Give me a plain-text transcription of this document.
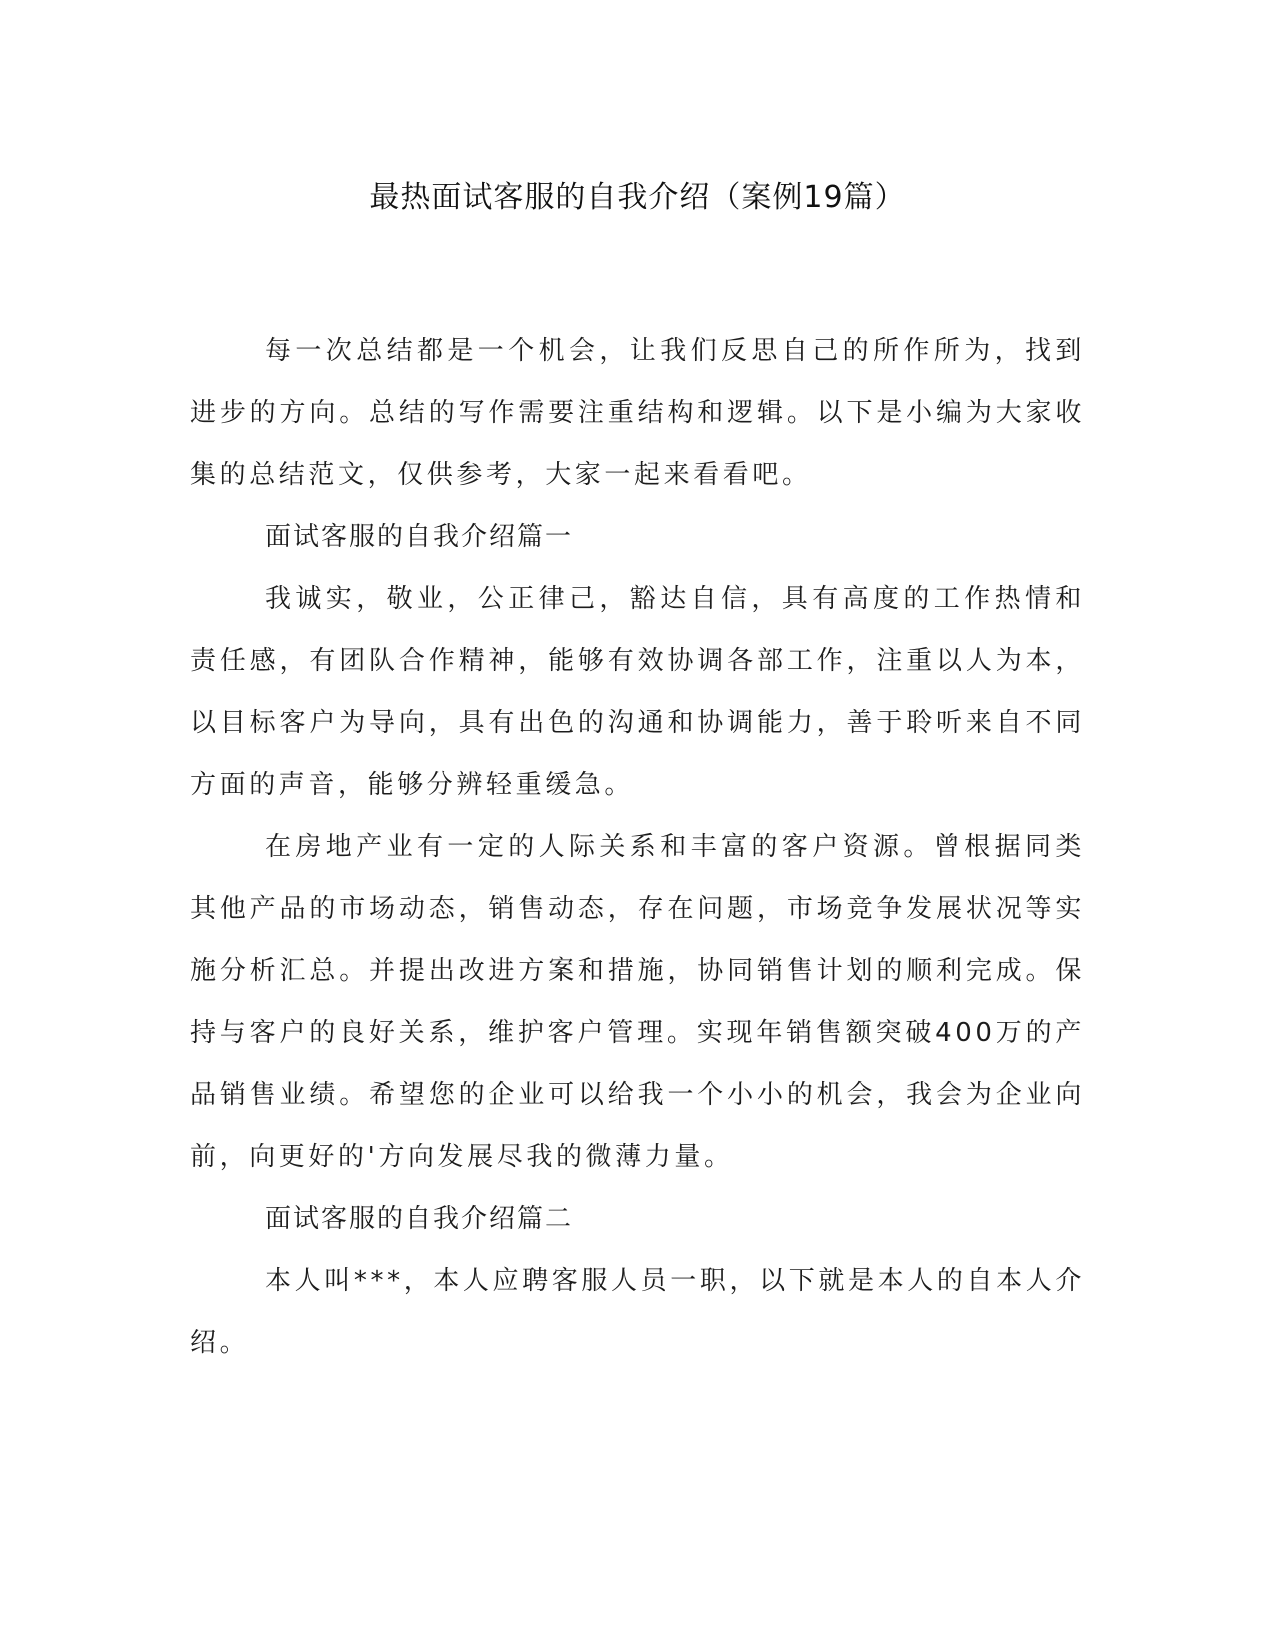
最热面试客服的自我介绍（案例19篇）

每一次总结都是一个机会，让我们反思自己的所作所为，找到进步的方向。总结的写作需要注重结构和逻辑。以下是小编为大家收集的总结范文，仅供参考，大家一起来看看吧。

面试客服的自我介绍篇一

我诚实，敬业，公正律己，豁达自信，具有高度的工作热情和责任感，有团队合作精神，能够有效协调各部工作，注重以人为本，以目标客户为导向，具有出色的沟通和协调能力，善于聆听来自不同方面的声音，能够分辨轻重缓急。

在房地产业有一定的人际关系和丰富的客户资源。曾根据同类其他产品的市场动态，销售动态，存在问题，市场竞争发展状况等实施分析汇总。并提出改进方案和措施，协同销售计划的顺利完成。保持与客户的良好关系，维护客户管理。实现年销售额突破400万的产品销售业绩。希望您的企业可以给我一个小小的机会，我会为企业向前，向更好的'方向发展尽我的微薄力量。

面试客服的自我介绍篇二

本人叫***，本人应聘客服人员一职，以下就是本人的自本人介绍。
